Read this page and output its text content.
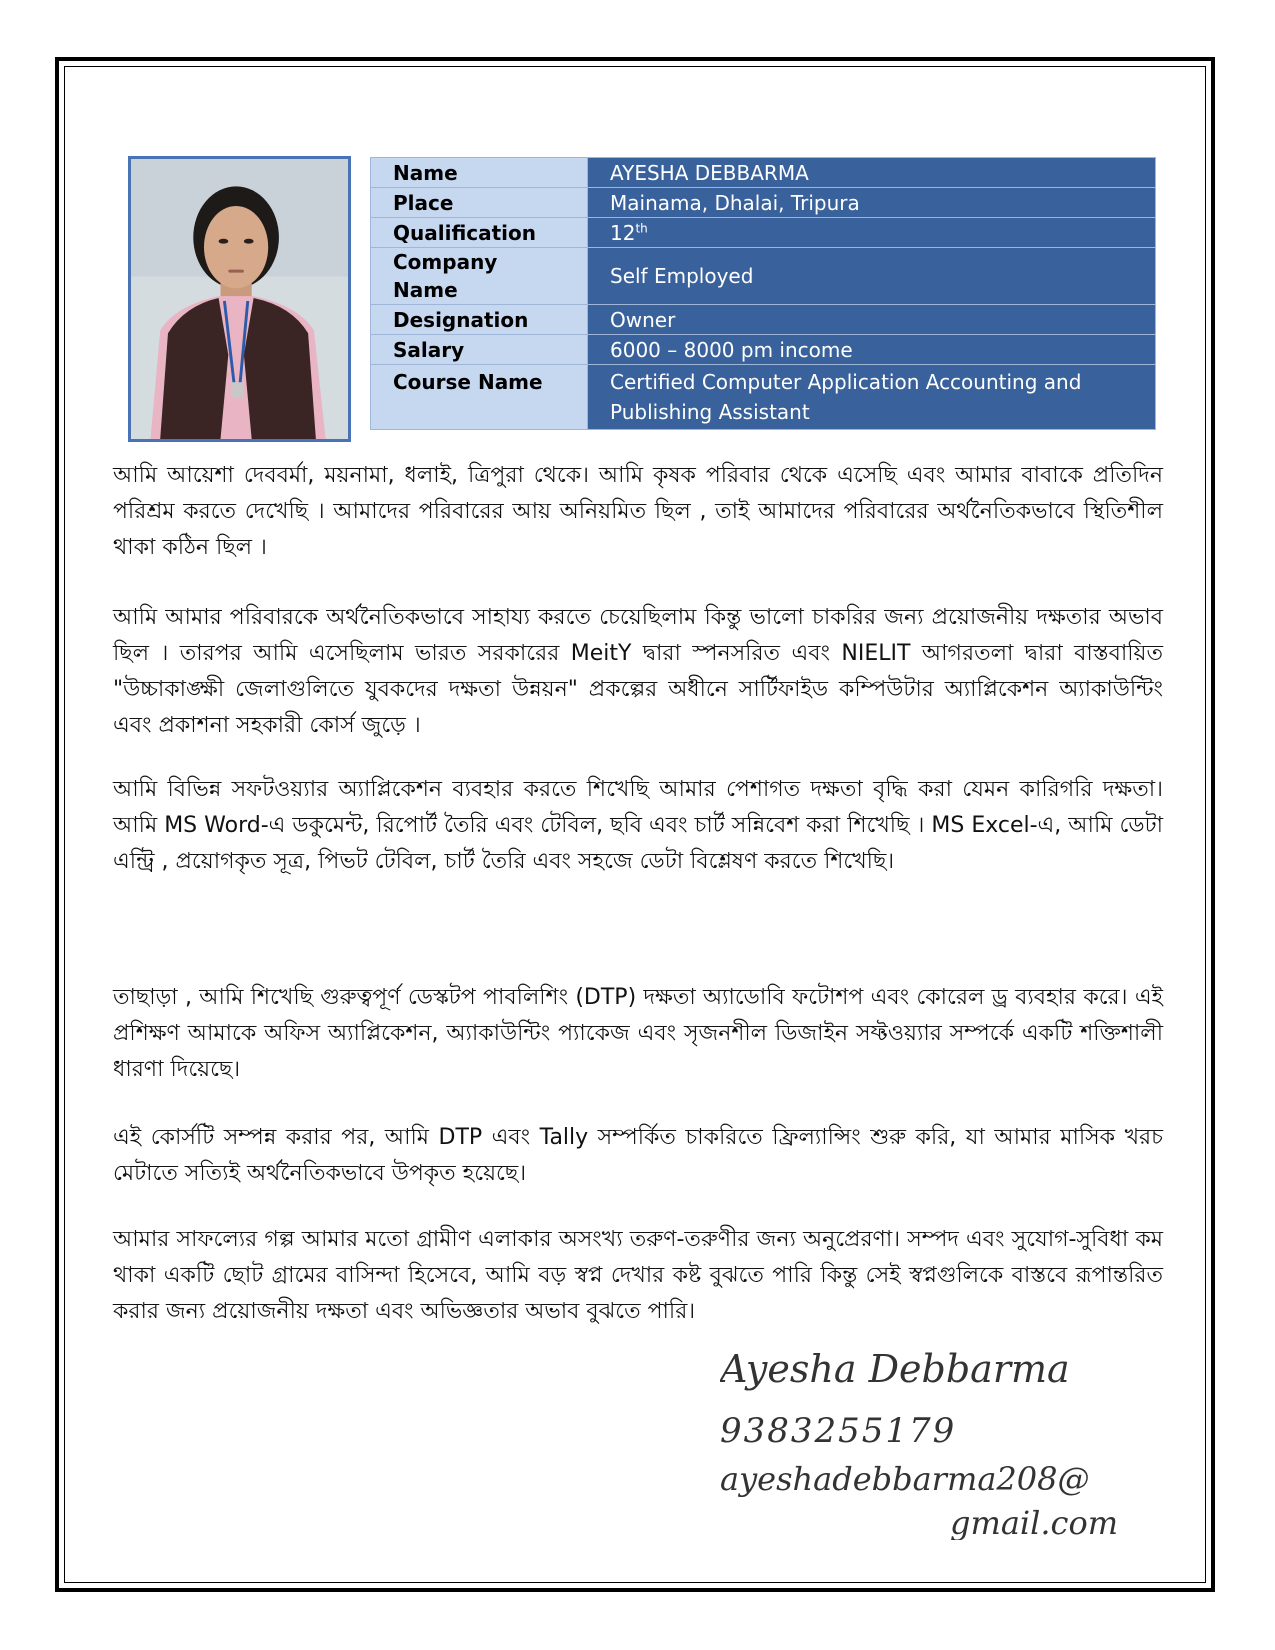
Name	AYESHA DEBBARMA
Place	Mainama, Dhalai, Tripura
Qualification	12th
Company Name	Self Employed
Designation	Owner
Salary	6000 – 8000 pm income
Course Name	Certified Computer Application Accounting and Publishing Assistant
আমি আয়েশা দেববর্মা, ময়নামা, ধলাই, ত্রিপুরা থেকে। আমি কৃষক পরিবার থেকে এসেছি এবং আমার বাবাকে প্রতিদিন পরিশ্রম করতে দেখেছি । আমাদের পরিবারের আয় অনিয়মিত ছিল , তাই আমাদের পরিবারের অর্থনৈতিকভাবে স্থিতিশীল থাকা কঠিন ছিল ।
আমি আমার পরিবারকে অর্থনৈতিকভাবে সাহায্য করতে চেয়েছিলাম কিন্তু ভালো চাকরির জন্য প্রয়োজনীয় দক্ষতার অভাব ছিল । তারপর আমি এসেছিলাম ভারত সরকারের MeitY দ্বারা স্পনসরিত এবং NIELIT আগরতলা দ্বারা বাস্তবায়িত "উচ্চাকাঙ্ক্ষী জেলাগুলিতে যুবকদের দক্ষতা উন্নয়ন" প্রকল্পের অধীনে সার্টিফাইড কম্পিউটার অ্যাপ্লিকেশন অ্যাকাউন্টিং এবং প্রকাশনা সহকারী কোর্স জুড়ে ।
আমি বিভিন্ন সফটওয়্যার অ্যাপ্লিকেশন ব্যবহার করতে শিখেছি আমার পেশাগত দক্ষতা বৃদ্ধি করা যেমন কারিগরি দক্ষতা। আমি MS Word-এ ডকুমেন্ট, রিপোর্ট তৈরি এবং টেবিল, ছবি এবং চার্ট সন্নিবেশ করা শিখেছি । MS Excel-এ, আমি ডেটা এন্ট্রি , প্রয়োগকৃত সূত্র, পিভট টেবিল, চার্ট তৈরি এবং সহজে ডেটা বিশ্লেষণ করতে শিখেছি।
তাছাড়া , আমি শিখেছি গুরুত্বপূর্ণ ডেস্কটপ পাবলিশিং (DTP) দক্ষতা অ্যাডোবি ফটোশপ এবং কোরেল ড্র ব্যবহার করে। এই প্রশিক্ষণ আমাকে অফিস অ্যাপ্লিকেশন, অ্যাকাউন্টিং প্যাকেজ এবং সৃজনশীল ডিজাইন সফ্টওয়্যার সম্পর্কে একটি শক্তিশালী ধারণা দিয়েছে।
এই কোর্সটি সম্পন্ন করার পর, আমি DTP এবং Tally সম্পর্কিত চাকরিতে ফ্রিল্যান্সিং শুরু করি, যা আমার মাসিক খরচ মেটাতে সত্যিই অর্থনৈতিকভাবে উপকৃত হয়েছে।
আমার সাফল্যের গল্প আমার মতো গ্রামীণ এলাকার অসংখ্য তরুণ-তরুণীর জন্য অনুপ্রেরণা। সম্পদ এবং সুযোগ-সুবিধা কম থাকা একটি ছোট গ্রামের বাসিন্দা হিসেবে, আমি বড় স্বপ্ন দেখার কষ্ট বুঝতে পারি কিন্তু সেই স্বপ্নগুলিকে বাস্তবে রূপান্তরিত করার জন্য প্রয়োজনীয় দক্ষতা এবং অভিজ্ঞতার অভাব বুঝতে পারি।
Ayesha Debbarma
9383255179
ayeshadebbarma208@
gmail.com
